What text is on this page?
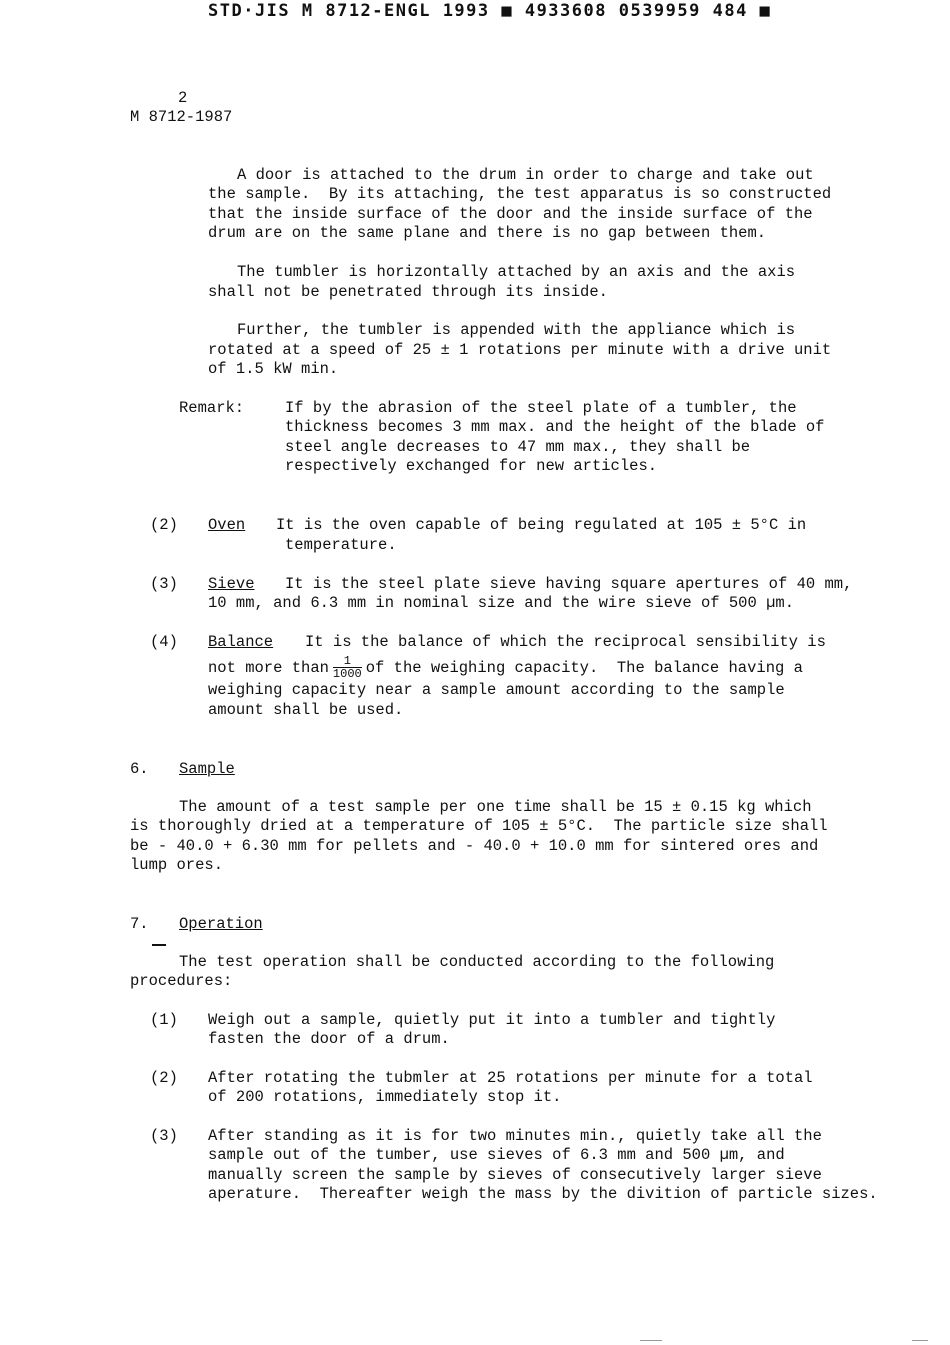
STD·JIS M 8712-ENGL 1993 ■ 4933608 0539959 484 ■
2
M 8712-1987
A door is attached to the drum in order to charge and take out
the sample.  By its attaching, the test apparatus is so constructed
that the inside surface of the door and the inside surface of the
drum are on the same plane and there is no gap between them.
The tumbler is horizontally attached by an axis and the axis
shall not be penetrated through its inside.
Further, the tumbler is appended with the appliance which is
rotated at a speed of 25 ± 1 rotations per minute with a drive unit
of 1.5 kW min.
Remark:	If by the abrasion of the steel plate of a tumbler, the
thickness becomes 3 mm max. and the height of the blade of
steel angle decreases to 47 mm max., they shall be
respectively exchanged for new articles.
(2) Oven It is the oven capable of being regulated at 105 ± 5°C in
temperature.
(3) Sieve It is the steel plate sieve having square apertures of 40 mm,
10 mm, and 6.3 mm in nominal size and the wire sieve of 500 µm.
(4) Balance It is the balance of which the reciprocal sensibility is
not more than $\frac{1}{1000}$ of the weighing capacity.  The balance having a
weighing capacity near a sample amount according to the sample
amount shall be used.
6. Sample
The amount of a test sample per one time shall be 15 ± 0.15 kg which
is thoroughly dried at a temperature of 105 ± 5°C.  The particle size shall
be - 40.0 + 6.30 mm for pellets and - 40.0 + 10.0 mm for sintered ores and
lump ores.
7. Operation
The test operation shall be conducted according to the following
procedures:
(1) Weigh out a sample, quietly put it into a tumbler and tightly
fasten the door of a drum.
(2) After rotating the tubmler at 25 rotations per minute for a total
of 200 rotations, immediately stop it.
(3) After standing as it is for two minutes min., quietly take all the
sample out of the tumber, use sieves of 6.3 mm and 500 µm, and
manually screen the sample by sieves of consecutively larger sieve
aperature.  Thereafter weigh the mass by the divition of particle sizes.
